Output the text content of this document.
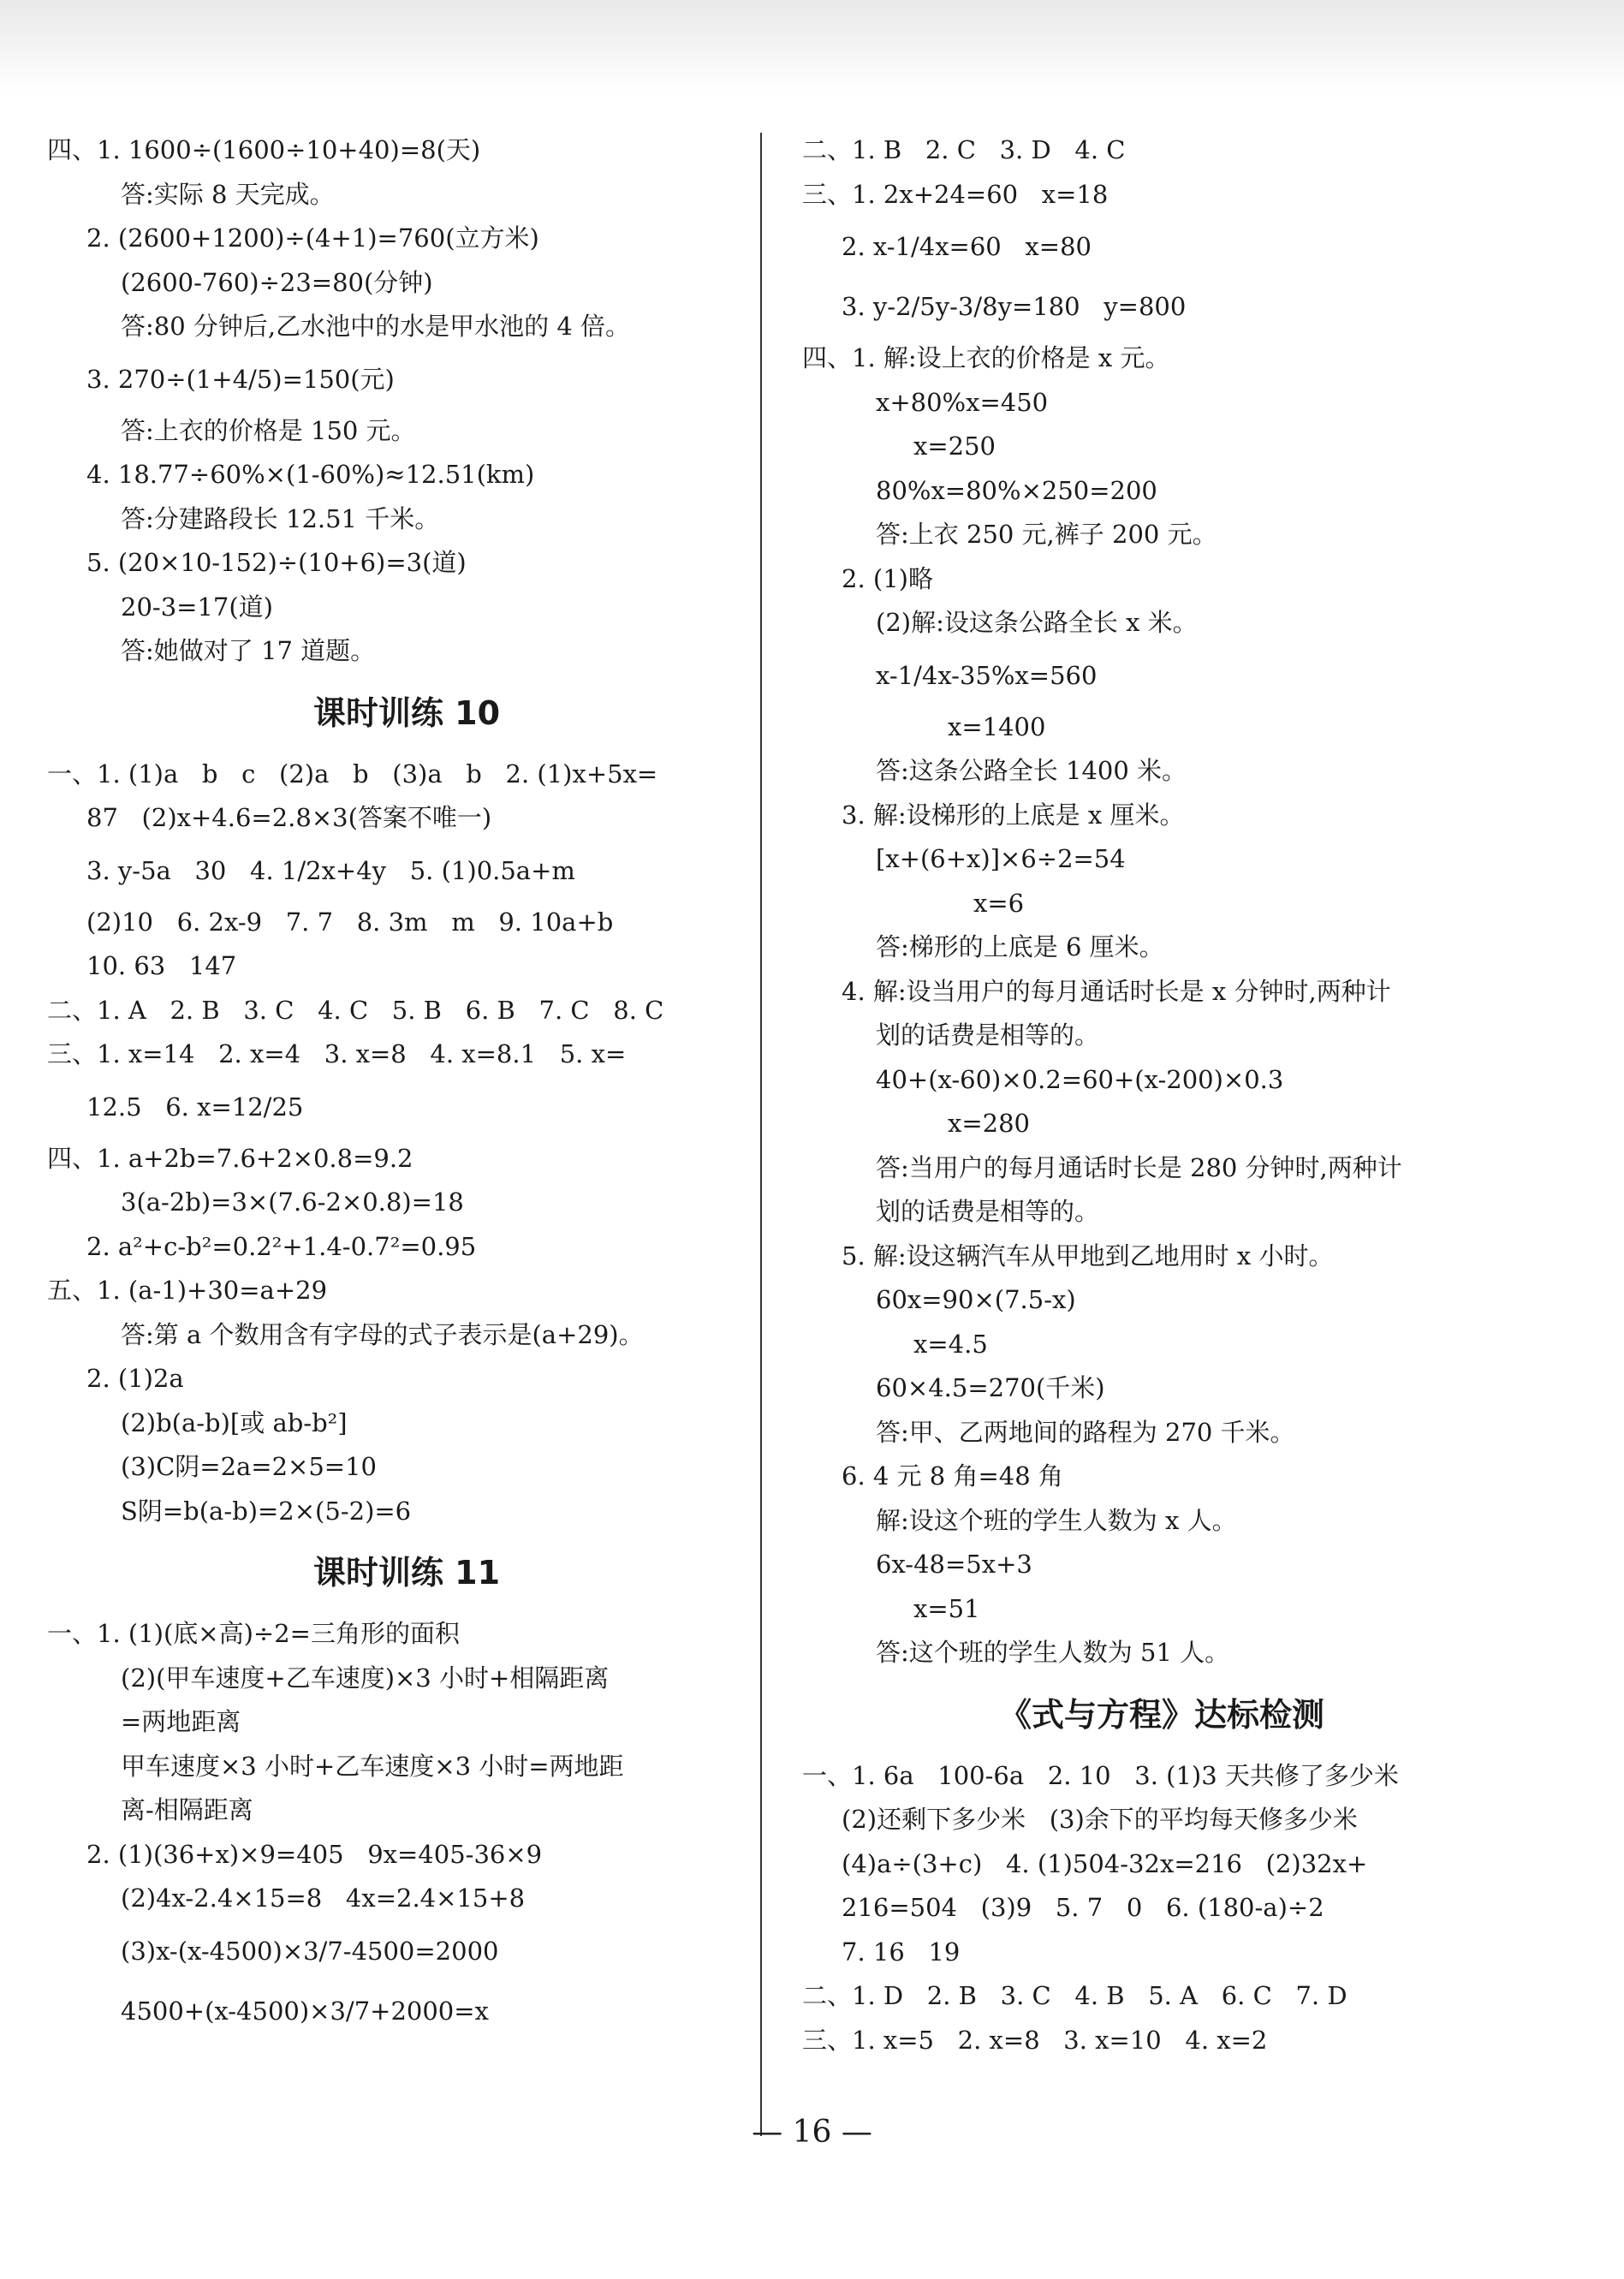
四、1. 1600÷(1600÷10+40)=8(天)
答:实际 8 天完成。
2. (2600+1200)÷(4+1)=760(立方米)
(2600-760)÷23=80(分钟)
答:80 分钟后,乙水池中的水是甲水池的 4 倍。
3. 270÷(1+4/5)=150(元)
答:上衣的价格是 150 元。
4. 18.77÷60%×(1-60%)≈12.51(km)
答:分建路段长 12.51 千米。
5. (20×10-152)÷(10+6)=3(道)
20-3=17(道)
答:她做对了 17 道题。
课时训练 10
一、1. (1)a   b   c   (2)a   b   (3)a   b   2. (1)x+5x=
87   (2)x+4.6=2.8×3(答案不唯一)
3. y-5a   30   4. 1/2x+4y   5. (1)0.5a+m
(2)10   6. 2x-9   7. 7   8. 3m   m   9. 10a+b
10. 63   147
二、1. A   2. B   3. C   4. C   5. B   6. B   7. C   8. C
三、1. x=14   2. x=4   3. x=8   4. x=8.1   5. x=
12.5   6. x=12/25
四、1. a+2b=7.6+2×0.8=9.2
3(a-2b)=3×(7.6-2×0.8)=18
2. a²+c-b²=0.2²+1.4-0.7²=0.95
五、1. (a-1)+30=a+29
答:第 a 个数用含有字母的式子表示是(a+29)。
2. (1)2a
(2)b(a-b)[或 ab-b²]
(3)C阴=2a=2×5=10
S阴=b(a-b)=2×(5-2)=6
课时训练 11
一、1. (1)(底×高)÷2=三角形的面积
(2)(甲车速度+乙车速度)×3 小时+相隔距离
=两地距离
甲车速度×3 小时+乙车速度×3 小时=两地距
离-相隔距离
2. (1)(36+x)×9=405   9x=405-36×9
(2)4x-2.4×15=8   4x=2.4×15+8
(3)x-(x-4500)×3/7-4500=2000
4500+(x-4500)×3/7+2000=x
二、1. B   2. C   3. D   4. C
三、1. 2x+24=60   x=18
2. x-1/4x=60   x=80
3. y-2/5y-3/8y=180   y=800
四、1. 解:设上衣的价格是 x 元。
x+80%x=450
x=250
80%x=80%×250=200
答:上衣 250 元,裤子 200 元。
2. (1)略
(2)解:设这条公路全长 x 米。
x-1/4x-35%x=560
x=1400
答:这条公路全长 1400 米。
3. 解:设梯形的上底是 x 厘米。
[x+(6+x)]×6÷2=54
x=6
答:梯形的上底是 6 厘米。
4. 解:设当用户的每月通话时长是 x 分钟时,两种计
划的话费是相等的。
40+(x-60)×0.2=60+(x-200)×0.3
x=280
答:当用户的每月通话时长是 280 分钟时,两种计
划的话费是相等的。
5. 解:设这辆汽车从甲地到乙地用时 x 小时。
60x=90×(7.5-x)
x=4.5
60×4.5=270(千米)
答:甲、乙两地间的路程为 270 千米。
6. 4 元 8 角=48 角
解:设这个班的学生人数为 x 人。
6x-48=5x+3
x=51
答:这个班的学生人数为 51 人。
《式与方程》达标检测
一、1. 6a   100-6a   2. 10   3. (1)3 天共修了多少米
(2)还剩下多少米   (3)余下的平均每天修多少米
(4)a÷(3+c)   4. (1)504-32x=216   (2)32x+
216=504   (3)9   5. 7   0   6. (180-a)÷2
7. 16   19
二、1. D   2. B   3. C   4. B   5. A   6. C   7. D
三、1. x=5   2. x=8   3. x=10   4. x=2
— 16 —
